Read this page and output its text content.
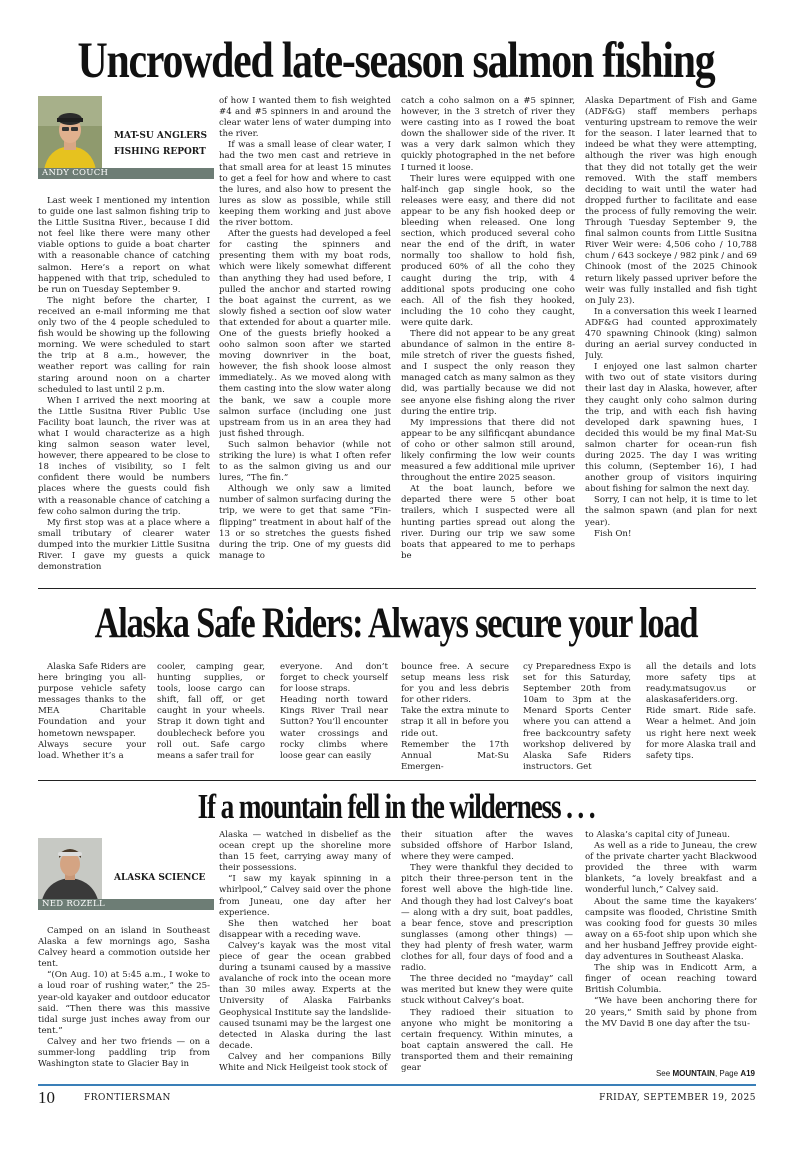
Uncrowded late-season salmon fishing
MAT-SU ANGLERS
FISHING REPORT
ANDY COUCH

Last week I mentioned my intention to guide one last salmon fishing trip to the Little Susitna River., because I did not feel like there were many other viable options to guide a boat charter with a reasonable chance of catching salmon. Here’s a report on what happened with that trip, scheduled to be run on Tuesday September 9.

The night before the charter, I received an e-mail informing me that only two of the 4 people scheduled to fish would be showing up the following morning. We were scheduled to start the trip at 8 a.m., however, the weather report was calling for rain staring around noon on a charter scheduled to last until 2 p.m.

When I arrived the next mooring at the Little Susitna River Public Use Facility boat launch, the river was at what I would characterize as a high king salmon season water level, however, there appeared to be close to 18 inches of visibility, so I felt confident there would be numbers places where the guests could fish with a reasonable chance of catching a few coho salmon during the trip.

My first stop was at a place where a small tributary of clearer water dumped into the murkier Little Susitna River. I gave my guests a quick demonstration

of how I wanted them to fish weighted #4 and #5 spinners in and around the clear water lens of water dumping into the river.

If was a small lease of clear water, I had the two men cast and retrieve in that small area for at least 15 minutes to get a feel for how and where to cast the lures, and also how to present the lures as slow as possible, while still keeping them working and just above the river bottom.

After the guests had developed a feel for casting the spinners and presenting them with my boat rods, which were likely somewhat different than anything they had used before, I pulled the anchor and started rowing the boat against the current, as we slowly fished a section oof slow water that extended for about a quarter mile. One of the guests briefly hooked a ooho salmon soon after we started moving downriver in the boat, however, the fish shook loose almost immediately.. As we moved along with them casting into the slow water along the bank, we saw a couple more salmon surface (including one just upstream from us in an area they had just fished through.

Such salmon behavior (while not striking the lure) is what I often refer to as the salmon giving us and our lures, “The fin.”

Although we only saw a limited number of salmon surfacing during the trip, we were to get that same “Fin-flipping” treatment in about half of the 13 or so stretches the guests fished during the trip. One of my guests did manage to

catch a coho salmon on a #5 spinner, however, in the 3 stretch of river they were casting into as I rowed the boat down the shallower side of the river. It was a very dark salmon which they quickly photographed in the net before I turned it loose.

Their lures were equipped with one half-inch gap single hook, so the releases were easy, and there did not appear to be any fish hooked deep or bleeding when released. One long section, which produced several coho near the end of the drift, in water normally too shallow to hold fish, produced 60% of all the coho they caught during the trip, with 4 additional spots producing one coho each. All of the fish they hooked, including the 10 coho they caught, were quite dark.

There did not appear to be any great abundance of salmon in the entire 8-mile stretch of river the guests fished, and I suspect the only reason they managed catch as many salmon as they did, was partially because we did not see anyone else fishing along the river during the entire trip.

My impressions that there did not appear to be any silfificqant abundance of coho or other salmon still around, likely confirming the low weir counts measured a few additional mile upriver throughout the entire 2025 season.

At the boat launch, before we departed there were 5 other boat trailers, which I suspected were all hunting parties spread out along the river. During our trip we saw some boats that appeared to me to perhaps be

Alaska Department of Fish and Game (ADF&G) staff members perhaps venturing upstream to remove the weir for the season. I later learned that to indeed be what they were attempting, although the river was high enough that they did not totally get the weir removed. With the staff members deciding to wait until the water had dropped further to facilitate and ease the process of fully removing the weir. Through Tuesday September 9, the final salmon counts from Little Susitna River Weir were: 4,506 coho / 10,788 chum / 643 sockeye / 982 pink / and 69 Chinook (most of the 2025 Chinook return likely passed upriver before the weir was fully installed and fish tight on July 23).

In a conversation this week I learned ADF&G had counted approximately 470 spawning Chinook (king) salmon during an aerial survey conducted in July.

I enjoyed one last salmon charter with two out of state visitors during their last day in Alaska, however, after they caught only coho salmon during the trip, and with each fish having developed dark spawning hues, I decided this would be my final Mat-Su salmon charter for ocean-run fish during 2025. The day I was writing this column, (September 16), I had another group of visitors inquiring about fishing for salmon the next day.

Sorry, I can not help, it is time to let the salmon spawn (and plan for next year).

Fish On!

Alaska Safe Riders: Always secure your load
Alaska Safe Riders are here bringing you all-purpose vehicle safety messages thanks to the MEA Charitable Foundation and your hometown newspaper.
Always secure your load. Whether it’s a
cooler, camping gear, hunting supplies, or tools, loose cargo can shift, fall off, or get caught in your wheels. Strap it down tight and doublecheck before you roll out. Safe cargo means a safer trail for
everyone. And don’t forget to check yourself for loose straps.
Heading north toward Kings River Trail near Sutton? You’ll encounter water crossings and rocky climbs where loose gear can easily
bounce free. A secure setup means less risk for you and less debris for other riders.
Take the extra minute to strap it all in before you ride out.
Remember the 17th Annual Mat-Su Emergen-
cy Preparedness Expo is set for this Saturday, September 20th from 10am to 3pm at the Menard Sports Center where you can attend a free backcountry safety workshop delivered by Alaska Safe Riders instructors. Get
all the details and lots more safety tips at ready.matsugov.us or alaskasaferiders.org.
Ride smart. Ride safe. Wear a helmet. And join us right here next week for more Alaska trail and safety tips.
If a mountain fell in the wilderness . . .
ALASKA SCIENCE
NED ROZELL

Camped on an island in Southeast Alaska a few mornings ago, Sasha Calvey heard a commotion outside her tent.

“(On Aug. 10) at 5:45 a.m., I woke to a loud roar of rushing water,” the 25-year-old kayaker and outdoor educator said. “Then there was this massive tidal surge just inches away from our tent.”

Calvey and her two friends — on a summer-long paddling trip from Washington state to Glacier Bay in

Alaska — watched in disbelief as the ocean crept up the shoreline more than 15 feet, carrying away many of their possessions.

“I saw my kayak spinning in a whirlpool,” Calvey said over the phone from Juneau, one day after her experience.

She then watched her boat disappear with a receding wave.

Calvey’s kayak was the most vital piece of gear the ocean grabbed during a tsunami caused by a massive avalanche of rock into the ocean more than 30 miles away. Experts at the University of Alaska Fairbanks Geophysical Institute say the landslide-caused tsunami may be the largest one detected in Alaska during the last decade.

Calvey and her companions Billy White and Nick Heilgeist took stock of

their situation after the waves subsided offshore of Harbor Island, where they were camped.

They were thankful they decided to pitch their three-person tent in the forest well above the high-tide line. And though they had lost Calvey’s boat — along with a dry suit, boat paddles, a bear fence, stove and prescription sunglasses (among other things) — they had plenty of fresh water, warm clothes for all, four days of food and a radio.

The three decided no “mayday” call was merited but knew they were quite stuck without Calvey’s boat.

They radioed their situation to anyone who might be monitoring a certain frequency. Within minutes, a boat captain answered the call. He transported them and their remaining gear

to Alaska’s capital city of Juneau.

As well as a ride to Juneau, the crew of the private charter yacht Blackwood provided the three with warm blankets, “a lovely breakfast and a wonderful lunch,” Calvey said.

About the same time the kayakers’ campsite was flooded, Christine Smith was cooking food for guests 30 miles away on a 65-foot ship upon which she and her husband Jeffrey provide eight-day adventures in Southeast Alaska.

The ship was in Endicott Arm, a finger of ocean reaching toward British Columbia.

“We have been anchoring there for 20 years,” Smith said by phone from the MV David B one day after the tsu-

See MOUNTAIN, Page A19
10	FRONTIERSMAN	FRIDAY, SEPTEMBER 19, 2025
